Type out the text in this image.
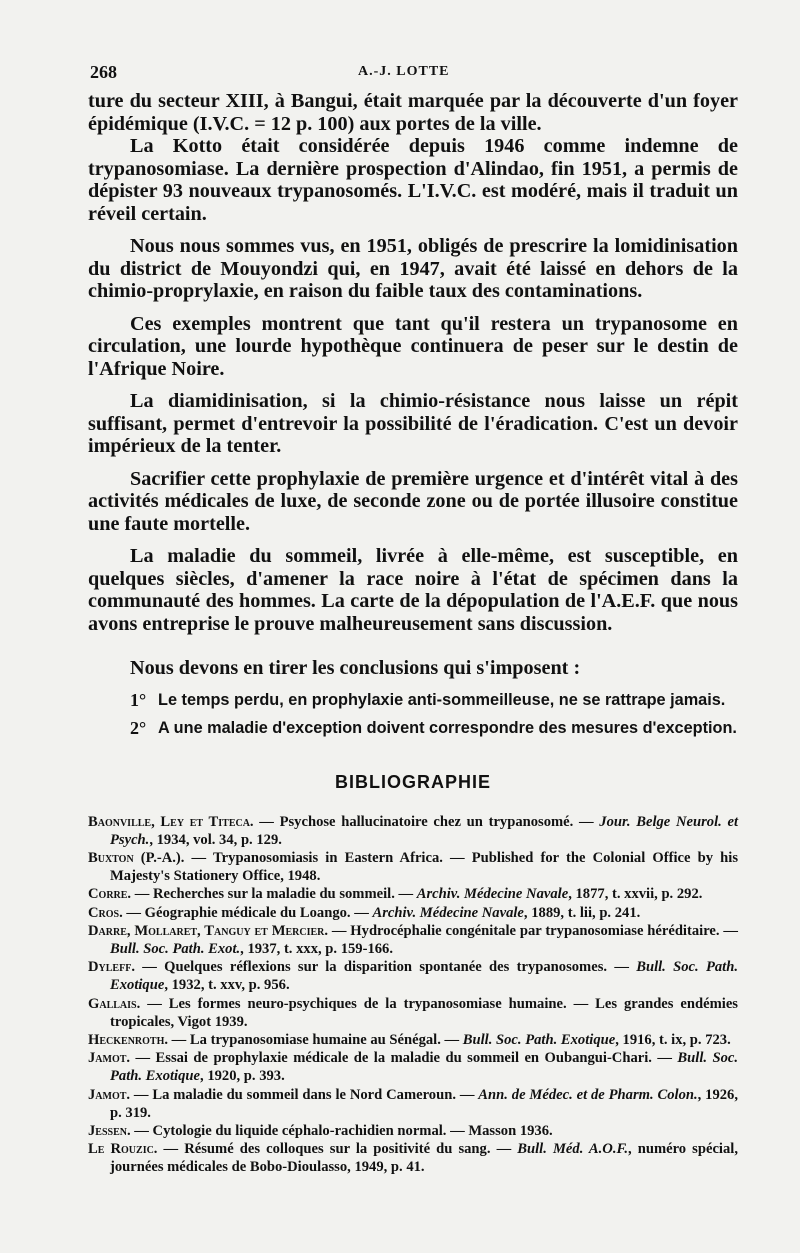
268	A.-J. LOTTE

ture du secteur XIII, à Bangui, était marquée par la découverte d'un foyer épidémique (I.V.C. = 12 p. 100) aux portes de la ville.

La Kotto était considérée depuis 1946 comme indemne de trypanosomiase. La dernière prospection d'Alindao, fin 1951, a permis de dépister 93 nouveaux trypanosomés. L'I.V.C. est modéré, mais il traduit un réveil certain.

Nous nous sommes vus, en 1951, obligés de prescrire la lomidinisation du district de Mouyondzi qui, en 1947, avait été laissé en dehors de la chimio-proprylaxie, en raison du faible taux des contaminations.

Ces exemples montrent que tant qu'il restera un trypanosome en circulation, une lourde hypothèque continuera de peser sur le destin de l'Afrique Noire.

La diamidinisation, si la chimio-résistance nous laisse un répit suffisant, permet d'entrevoir la possibilité de l'éradication. C'est un devoir impérieux de la tenter.

Sacrifier cette prophylaxie de première urgence et d'intérêt vital à des activités médicales de luxe, de seconde zone ou de portée illusoire constitue une faute mortelle.

La maladie du sommeil, livrée à elle-même, est susceptible, en quelques siècles, d'amener la race noire à l'état de spécimen dans la communauté des hommes. La carte de la dépopulation de l'A.E.F. que nous avons entreprise le prouve malheureusement sans discussion.

Nous devons en tirer les conclusions qui s'imposent :

1° Le temps perdu, en prophylaxie anti-sommeilleuse, ne se rattrape jamais.
2° A une maladie d'exception doivent correspondre des mesures d'exception.
BIBLIOGRAPHIE

Baonville, Ley et Titeca. — Psychose hallucinatoire chez un trypanosomé. — Jour. Belge Neurol. et Psych., 1934, vol. 34, p. 129.

Buxton (P.-A.). — Trypanosomiasis in Eastern Africa. — Published for the Colonial Office by his Majesty's Stationery Office, 1948.

Corre. — Recherches sur la maladie du sommeil. — Archiv. Médecine Navale, 1877, t. xxvii, p. 292.

Cros. — Géographie médicale du Loango. — Archiv. Médecine Navale, 1889, t. lii, p. 241.

Darre, Mollaret, Tanguy et Mercier. — Hydrocéphalie congénitale par trypanosomiase héréditaire. — Bull. Soc. Path. Exot., 1937, t. xxx, p. 159-166.

Dyleff. — Quelques réflexions sur la disparition spontanée des trypanosomes. — Bull. Soc. Path. Exotique, 1932, t. xxv, p. 956.

Gallais. — Les formes neuro-psychiques de la trypanosomiase humaine. — Les grandes endémies tropicales, Vigot 1939.

Heckenroth. — La trypanosomiase humaine au Sénégal. — Bull. Soc. Path. Exotique, 1916, t. ix, p. 723.

Jamot. — Essai de prophylaxie médicale de la maladie du sommeil en Oubangui-Chari. — Bull. Soc. Path. Exotique, 1920, p. 393.

Jamot. — La maladie du sommeil dans le Nord Cameroun. — Ann. de Médec. et de Pharm. Colon., 1926, p. 319.

Jessen. — Cytologie du liquide céphalo-rachidien normal. — Masson 1936.

Le Rouzic. — Résumé des colloques sur la positivité du sang. — Bull. Méd. A.O.F., numéro spécial, journées médicales de Bobo-Dioulasso, 1949, p. 41.
